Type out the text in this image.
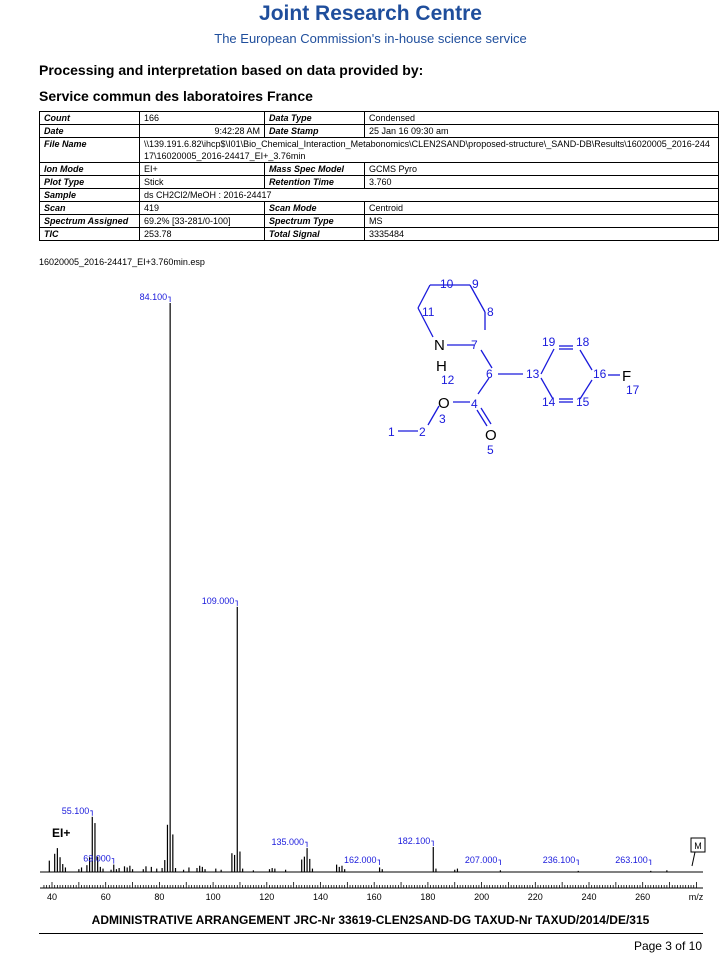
Joint Research Centre
The European Commission's in-house science service
Processing and interpretation based on data provided by:
Service commun des laboratoires France
Count	166	Data Type	Condensed
Date	9:42:28 AM	Date Stamp	25 Jan 16 09:30 am
File Name	\\139.191.6.82\ihcp$\I01\Bio_Chemical_Interaction_Metabonomics\CLEN2SAND\proposed-structure\_SAND-DB\Results\16020005_2016-24417\16020005_2016-24417_EI+_3.76min		
Ion Mode	EI+	Mass Spec Model	GCMS Pyro
Plot Type	Stick	Retention Time	3.760
Sample	ds CH2Cl2/MeOH : 2016-24417		
Scan	419	Scan Mode	Centroid
Spectrum Assigned	69.2% [33-281/0-100]	Spectrum Type	MS
TIC	253.78	Total Signal	3335484
16020005_2016-24417_EI+3.760min.esp
84.100
109.000
55.100
63.000
135.000
162.000
182.100
207.000	236.100	263.100
40	60	80	100	120	140	160	180	200	220	240	260	m/z
EI+
M
1 2
3
4
5
6
7
8
9
10
11
12	13
14 15
16
17
18
19
N
H
O
O
F
ADMINISTRATIVE ARRANGEMENT JRC-Nr 33619-CLEN2SAND-DG TAXUD-Nr TAXUD/2014/DE/315
Page 3 of 10
